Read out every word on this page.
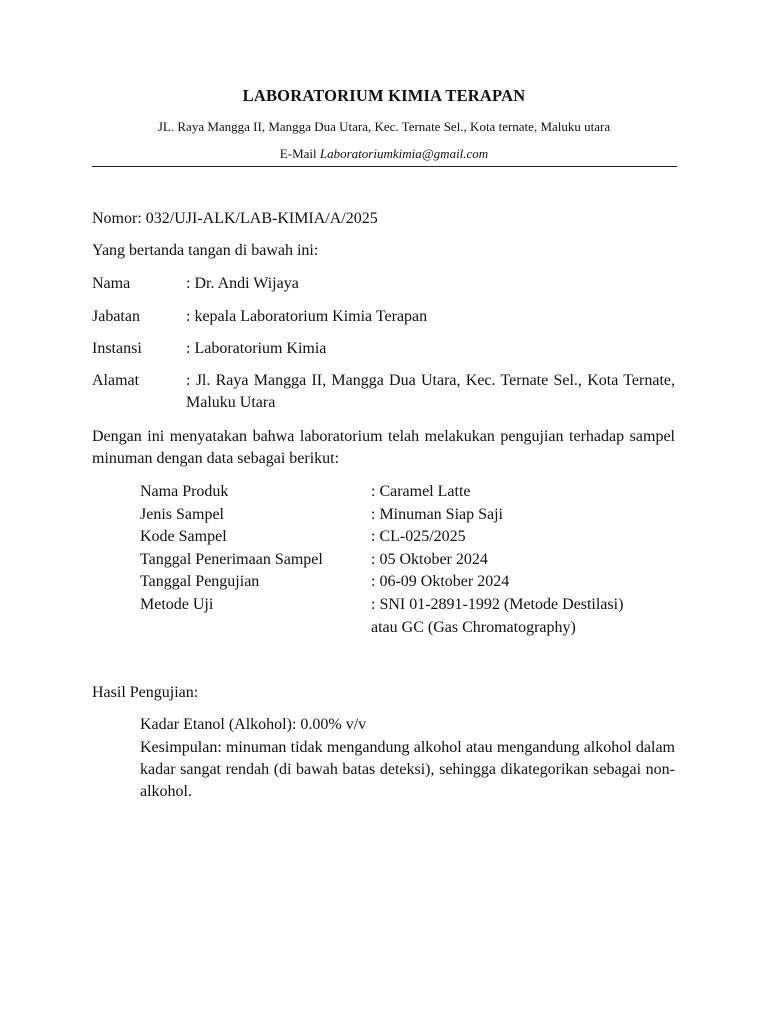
LABORATORIUM KIMIA TERAPAN
JL. Raya Mangga II, Mangga Dua Utara, Kec. Ternate Sel., Kota ternate, Maluku utara
E-Mail Laboratoriumkimia@gmail.com
Nomor: 032/UJI-ALK/LAB-KIMIA/A/2025
Yang bertanda tangan di bawah ini:
Nama	: Dr. Andi Wijaya
Jabatan	: kepala Laboratorium Kimia Terapan
Instansi	: Laboratorium Kimia
Alamat	: Jl. Raya Mangga II, Mangga Dua Utara, Kec. Ternate Sel., Kota Ternate, Maluku Utara
Dengan ini menyatakan bahwa laboratorium telah melakukan pengujian terhadap sampel minuman dengan data sebagai berikut:
Nama Produk	: Caramel Latte
Jenis Sampel	: Minuman Siap Saji
Kode Sampel	: CL-025/2025
Tanggal Penerimaan Sampel	: 05 Oktober 2024
Tanggal Pengujian	: 06-09 Oktober 2024
Metode Uji	: SNI 01-2891-1992 (Metode Destilasi)
atau GC (Gas Chromatography)
Hasil Pengujian:
Kadar Etanol (Alkohol): 0.00% v/v
Kesimpulan: minuman tidak mengandung alkohol atau mengandung alkohol dalam kadar sangat rendah (di bawah batas deteksi), sehingga dikategorikan sebagai non-alkohol.
